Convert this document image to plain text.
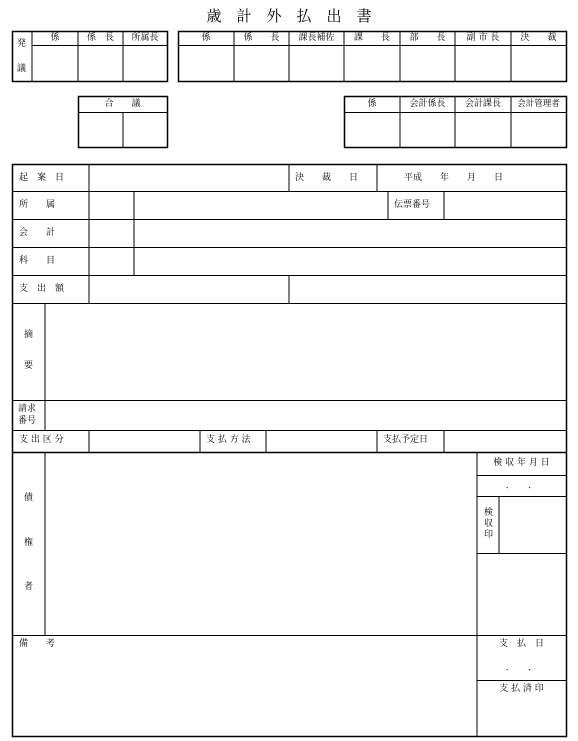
歳　計　外　払　出　書
発
議
係	係　長	所属長	係	係　　長	課長補佐	課　　長	部　　長	副 市 長	決　　裁
合　　議	係	会計係長	会計課長	会計管理者
起　案　日	決　　裁　　日	平成　　年　　月　　日
所　　属	伝票番号
会　　計
科　　目
支　出　額
摘
要
請求
番号
支 出 区 分	支 払 方 法	支払予定日
債
権
者
検 収 年 月 日
．　　．
検
収
印
備　　考	支　払　日
．　　．
支 払 済 印
